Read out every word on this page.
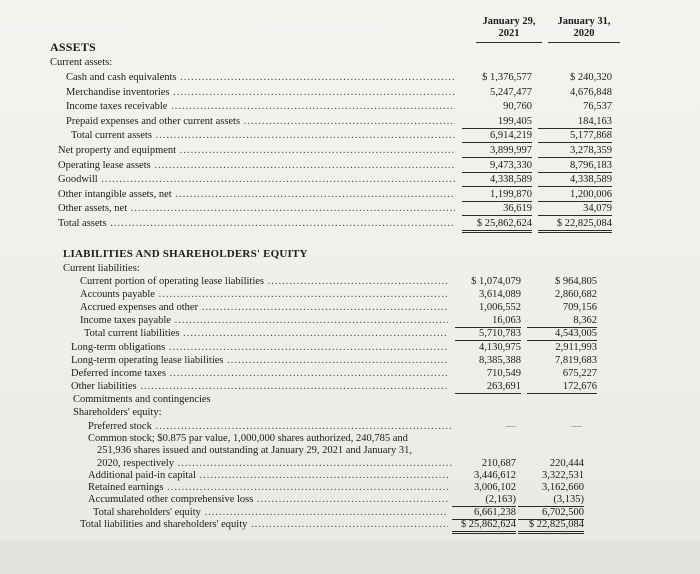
January 29,
2021
January 31,
2020
ASSETS
Current assets:
Cash and cash equivalents .....	$ 1,376,577	$ 240,320
Merchandise inventories .....	5,247,477	4,676,848
Income taxes receivable .....	90,760	76,537
Prepaid expenses and other current assets .....	199,405	184,163
Total current assets .....	6,914,219	5,177,868
Net property and equipment .....	3,899,997	3,278,359
Operating lease assets .....	9,473,330	8,796,183
Goodwill .....	4,338,589	4,338,589
Other intangible assets, net .....	1,199,870	1,200,006
Other assets, net .....	36,619	34,079
Total assets .....	$ 25,862,624	$ 22,825,084
LIABILITIES AND SHAREHOLDERS' EQUITY
Current liabilities:
Current portion of operating lease liabilities .....	$ 1,074,079	$ 964,805
Accounts payable .....	3,614,089	2,860,682
Accrued expenses and other .....	1,006,552	709,156
Income taxes payable .....	16,063	8,362
Total current liabilities .....	5,710,783	4,543,005
Long-term obligations .....	4,130,975	2,911,993
Long-term operating lease liabilities .....	8,385,388	7,819,683
Deferred income taxes .....	710,549	675,227
Other liabilities .....	263,691	172,676
Commitments and contingencies
Shareholders' equity:
Preferred stock .....	—	—
Common stock; $0.875 par value, 1,000,000 shares authorized, 240,785 and
251,936 shares issued and outstanding at January 29, 2021 and January 31,
2020, respectively .....	210,687	220,444
Additional paid-in capital .....	3,446,612	3,322,531
Retained earnings .....	3,006,102	3,162,660
Accumulated other comprehensive loss .....	(2,163)	(3,135)
Total shareholders' equity .....	6,661,238	6,702,500
Total liabilities and shareholders' equity .....	$ 25,862,624	$ 22,825,084
